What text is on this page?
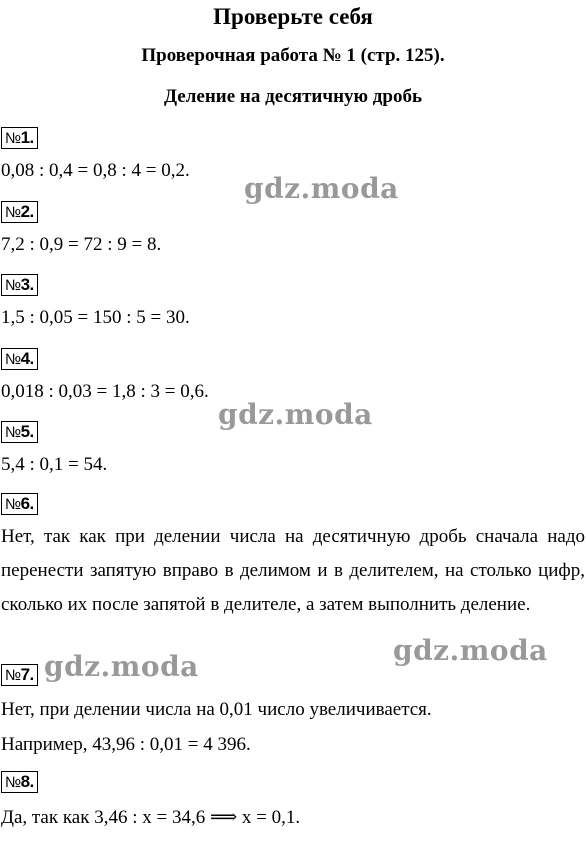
Проверьте себя
Проверочная работа № 1 (стр. 125).
Деление на десятичную дробь
№1.
0,08 : 0,4 = 0,8 : 4 = 0,2.
№2.
7,2 : 0,9 = 72 : 9 = 8.
№3.
1,5 : 0,05 = 150 : 5 = 30.
№4.
0,018 : 0,03 = 1,8 : 3 = 0,6.
№5.
5,4 : 0,1 = 54.
№6.
Нет, так как при делении числа на десятичную дробь сначала надо перенести запятую вправо в делимом и в делителем, на столько цифр, сколько их после запятой в делителе, а затем выполнить деление.
№7.
Нет, при делении числа на 0,01 число увеличивается.
Например, 43,96 : 0,01 = 4 396.
№8.
Да, так как 3,46 : x = 34,6 ⟹ x = 0,1.
gdz.moda
gdz.moda
gdz.moda
gdz.moda
